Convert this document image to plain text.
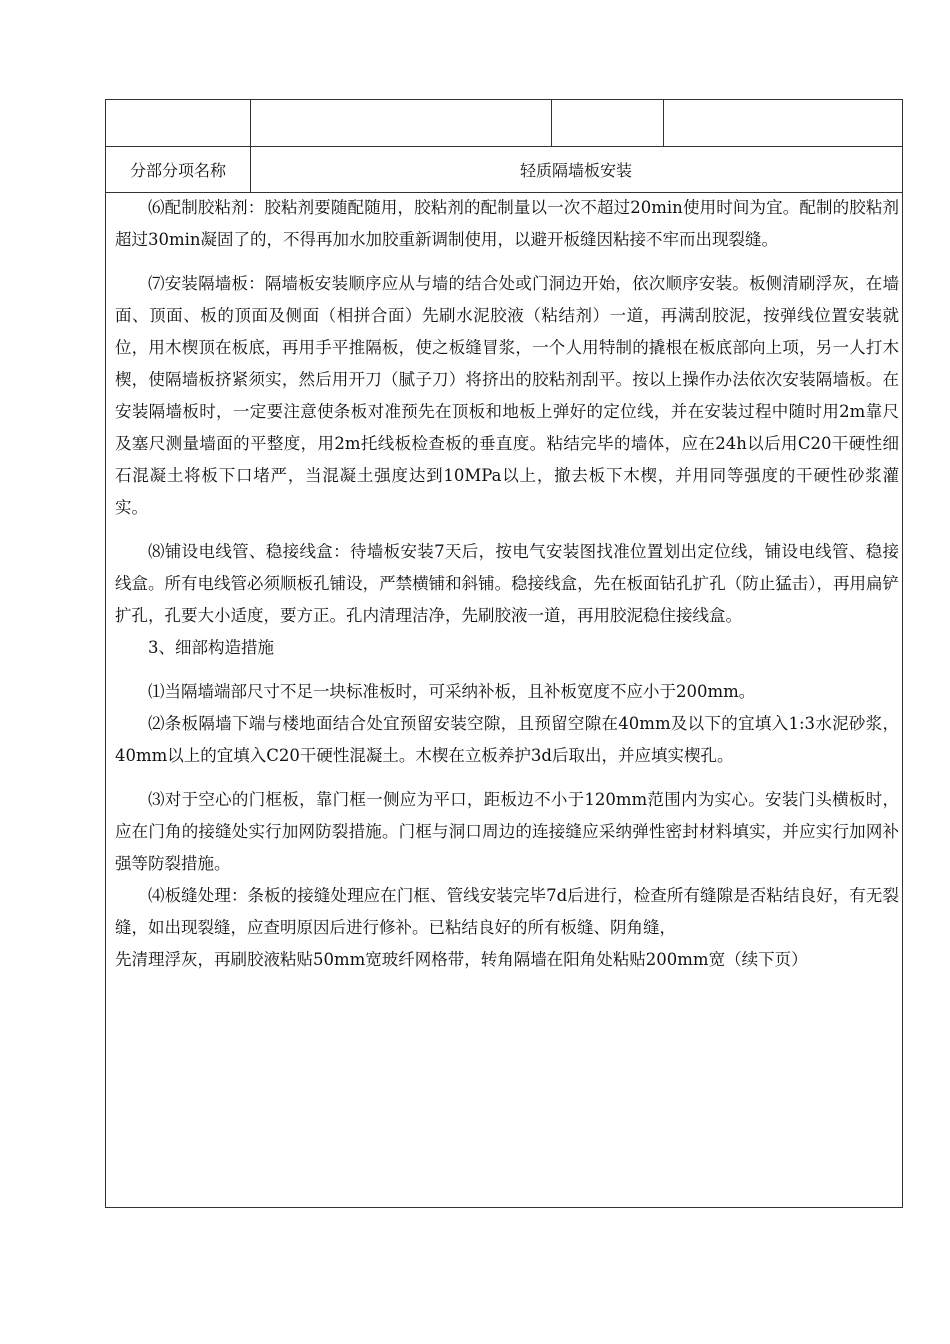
分部分项名称	轻质隔墙板安装

⑹配制胶粘剂：胶粘剂要随配随用，胶粘剂的配制量以一次不超过20min使用时间为宜。配制的胶粘剂超过30min凝固了的，不得再加水加胶重新调制使用，以避开板缝因粘接不牢而出现裂缝。

⑺安装隔墙板：隔墙板安装顺序应从与墙的结合处或门洞边开始，依次顺序安装。板侧清刷浮灰，在墙面、顶面、板的顶面及侧面（相拼合面）先刷水泥胶液（粘结剂）一道，再满刮胶泥，按弹线位置安装就位，用木楔顶在板底，再用手平推隔板，使之板缝冒浆，一个人用特制的撬根在板底部向上项，另一人打木楔，使隔墙板挤紧须实，然后用开刀（腻子刀）将挤出的胶粘剂刮平。按以上操作办法依次安装隔墙板。在安装隔墙板时，一定要注意使条板对准预先在顶板和地板上弹好的定位线，并在安装过程中随时用2m靠尺及塞尺测量墙面的平整度，用2m托线板检查板的垂直度。粘结完毕的墙体，应在24h以后用C20干硬性细石混凝土将板下口堵严，当混凝土强度达到10MPa以上，撤去板下木楔，并用同等强度的干硬性砂浆灌实。

⑻铺设电线管、稳接线盒：待墙板安装7天后，按电气安装图找准位置划出定位线，铺设电线管、稳接线盒。所有电线管必须顺板孔铺设，严禁横铺和斜铺。稳接线盒，先在板面钻孔扩孔（防止猛击），再用扁铲扩孔，孔要大小适度，要方正。孔内清理洁净，先刷胶液一道，再用胶泥稳住接线盒。

3、细部构造措施

⑴当隔墙端部尺寸不足一块标准板时，可采纳补板，且补板宽度不应小于200mm。

⑵条板隔墙下端与楼地面结合处宜预留安装空隙，且预留空隙在40mm及以下的宜填入1:3水泥砂浆，40mm以上的宜填入C20干硬性混凝土。木楔在立板养护3d后取出，并应填实楔孔。

⑶对于空心的门框板，靠门框一侧应为平口，距板边不小于120mm范围内为实心。安装门头横板时，应在门角的接缝处实行加网防裂措施。门框与洞口周边的连接缝应采纳弹性密封材料填实，并应实行加网补强等防裂措施。

⑷板缝处理：条板的接缝处理应在门框、管线安装完毕7d后进行，检查所有缝隙是否粘结良好，有无裂缝，如出现裂缝，应查明原因后进行修补。已粘结良好的所有板缝、阴角缝，

先清理浮灰，再刷胶液粘贴50mm宽玻纤网格带，转角隔墙在阳角处粘贴200mm宽（续下页）
